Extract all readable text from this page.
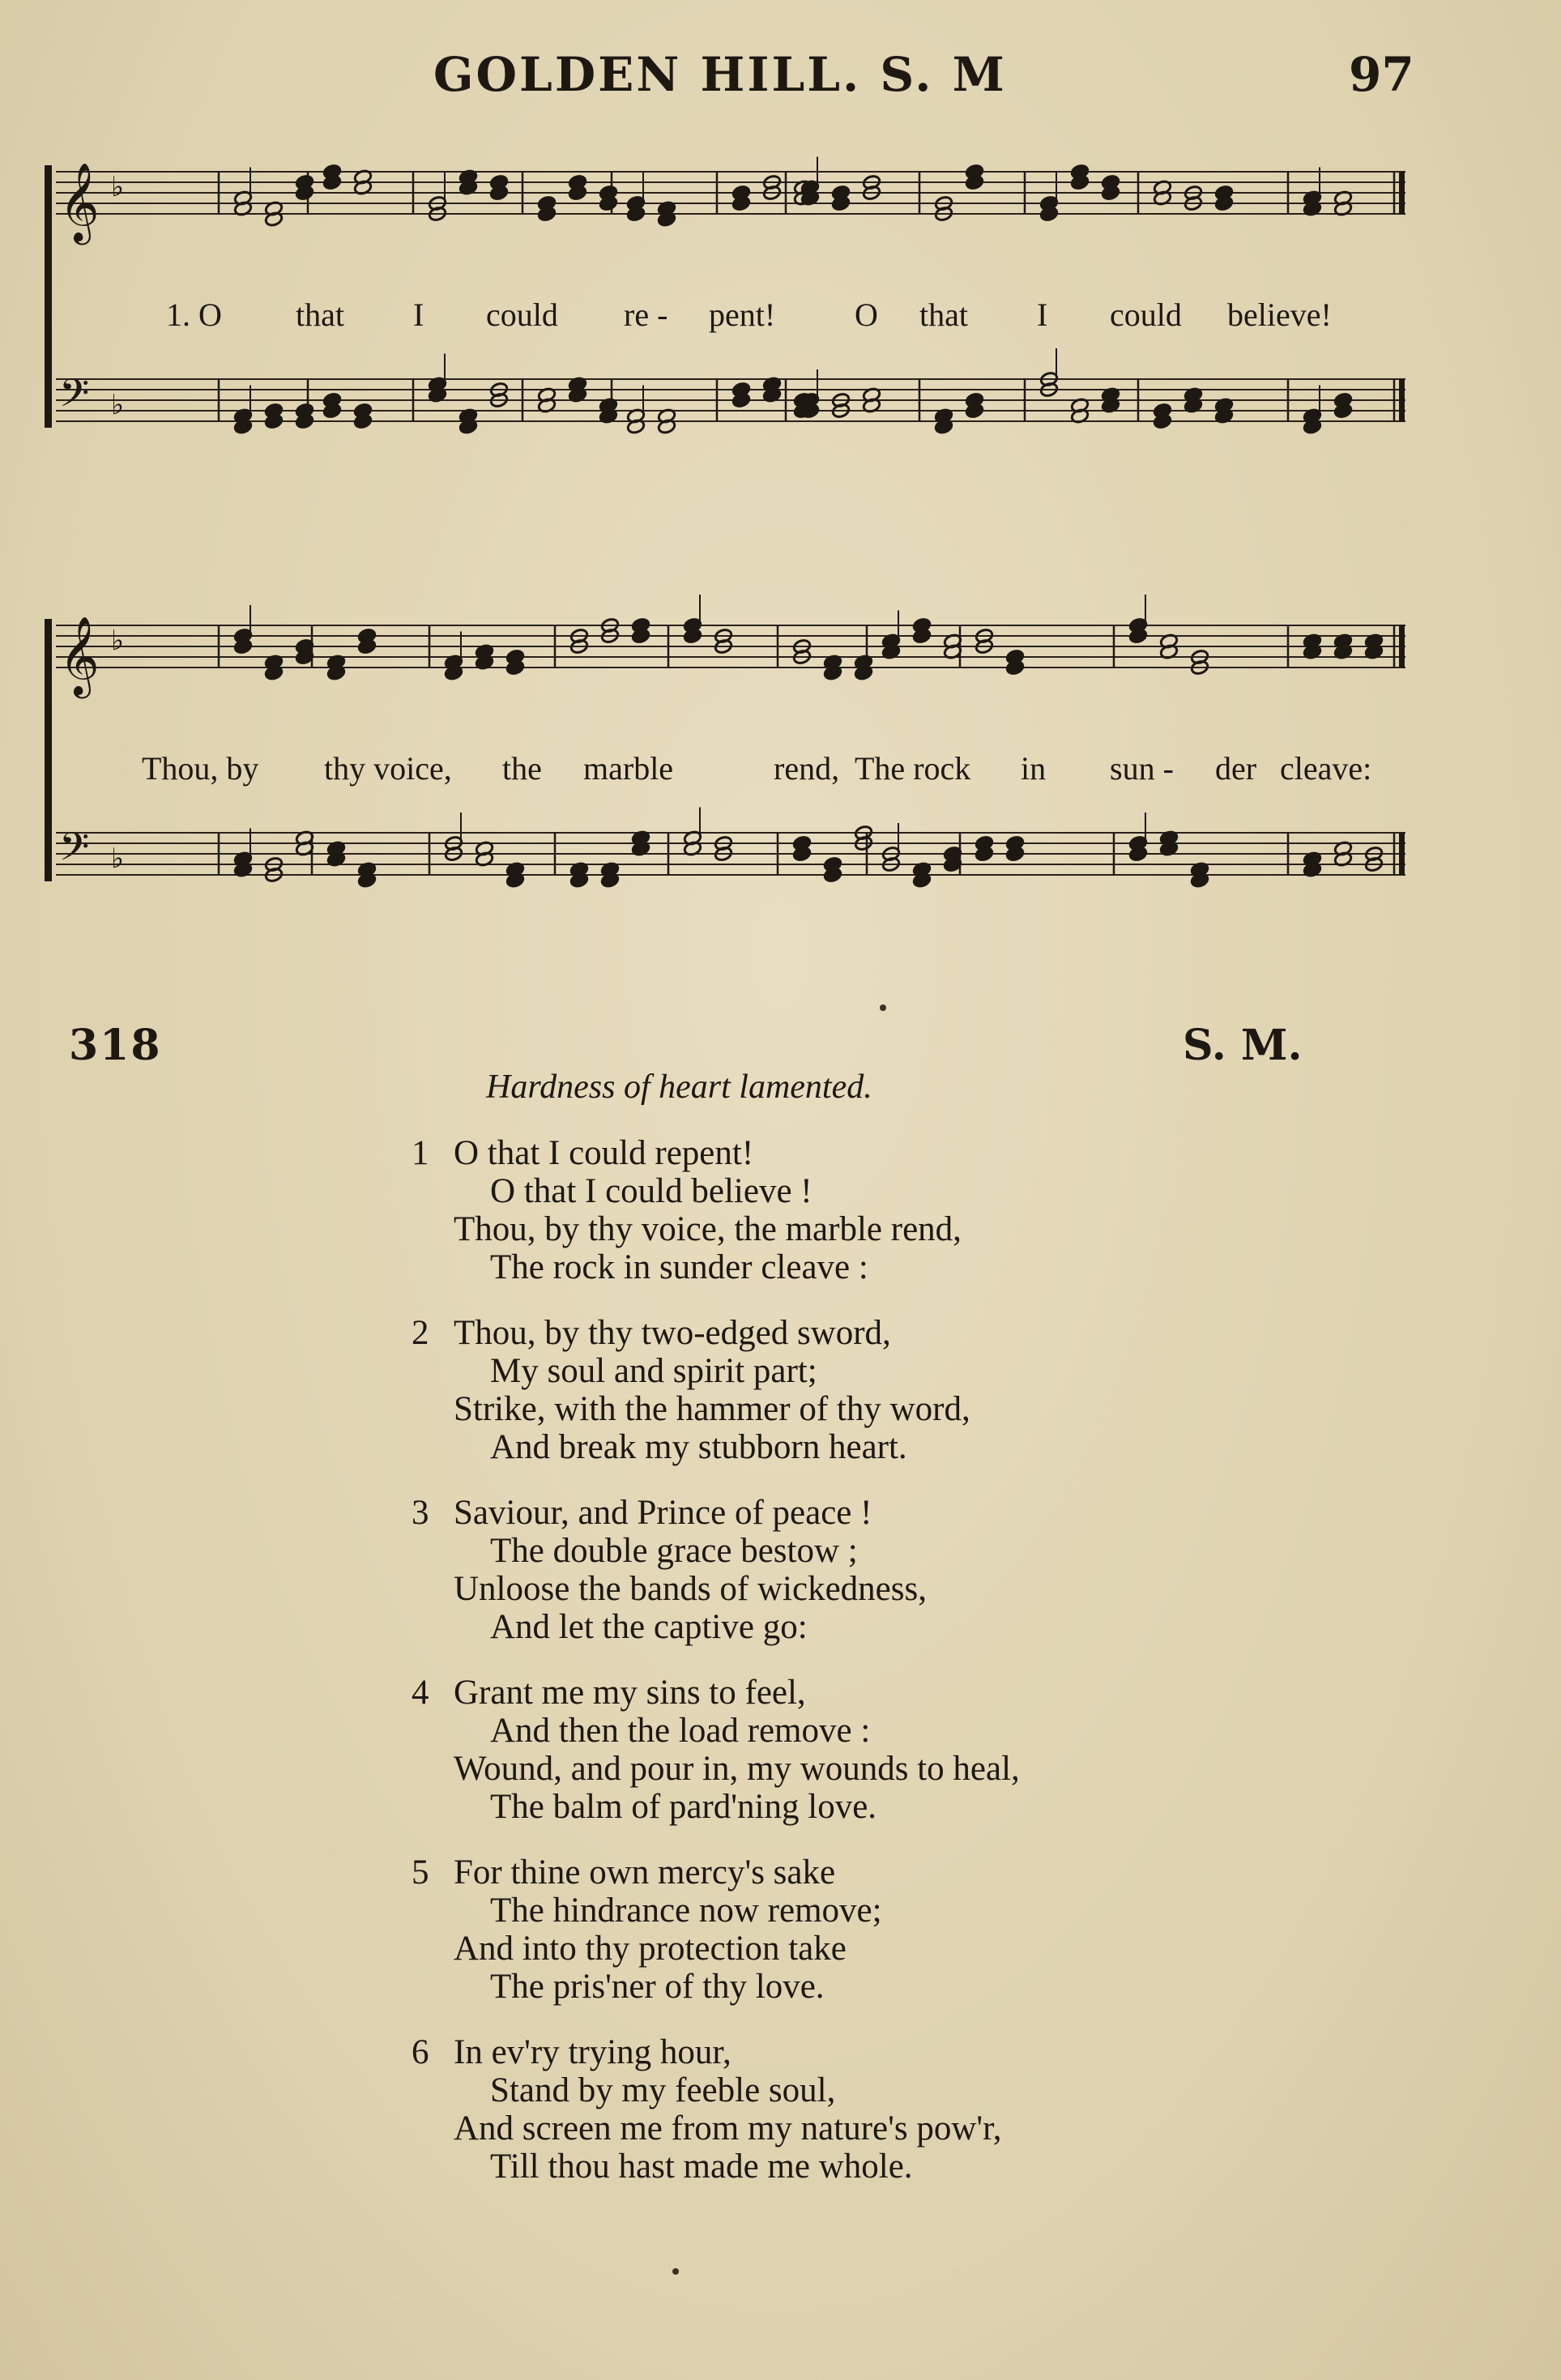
GOLDEN HILL. S. M	97
𝄞 ♭
𝄢 ♭
1. O that I could re - pent! O that I could believe!
𝄞 ♭
𝄢 ♭
Thou, by thy voice, the marble	rend, The rock in sun - der cleave:
318	S. M.
Hardness of heart lamented.
1 O that I could repent!
O that I could believe !
Thou, by thy voice, the marble rend,
The rock in sunder cleave :
2 Thou, by thy two-edged sword,
My soul and spirit part;
Strike, with the hammer of thy word,
And break my stubborn heart.
3 Saviour, and Prince of peace !
The double grace bestow ;
Unloose the bands of wickedness,
And let the captive go:
4 Grant me my sins to feel,
And then the load remove :
Wound, and pour in, my wounds to heal,
The balm of pard'ning love.
5 For thine own mercy's sake
The hindrance now remove;
And into thy protection take
The pris'ner of thy love.
6 In ev'ry trying hour,
Stand by my feeble soul,
And screen me from my nature's pow'r,
Till thou hast made me whole.
